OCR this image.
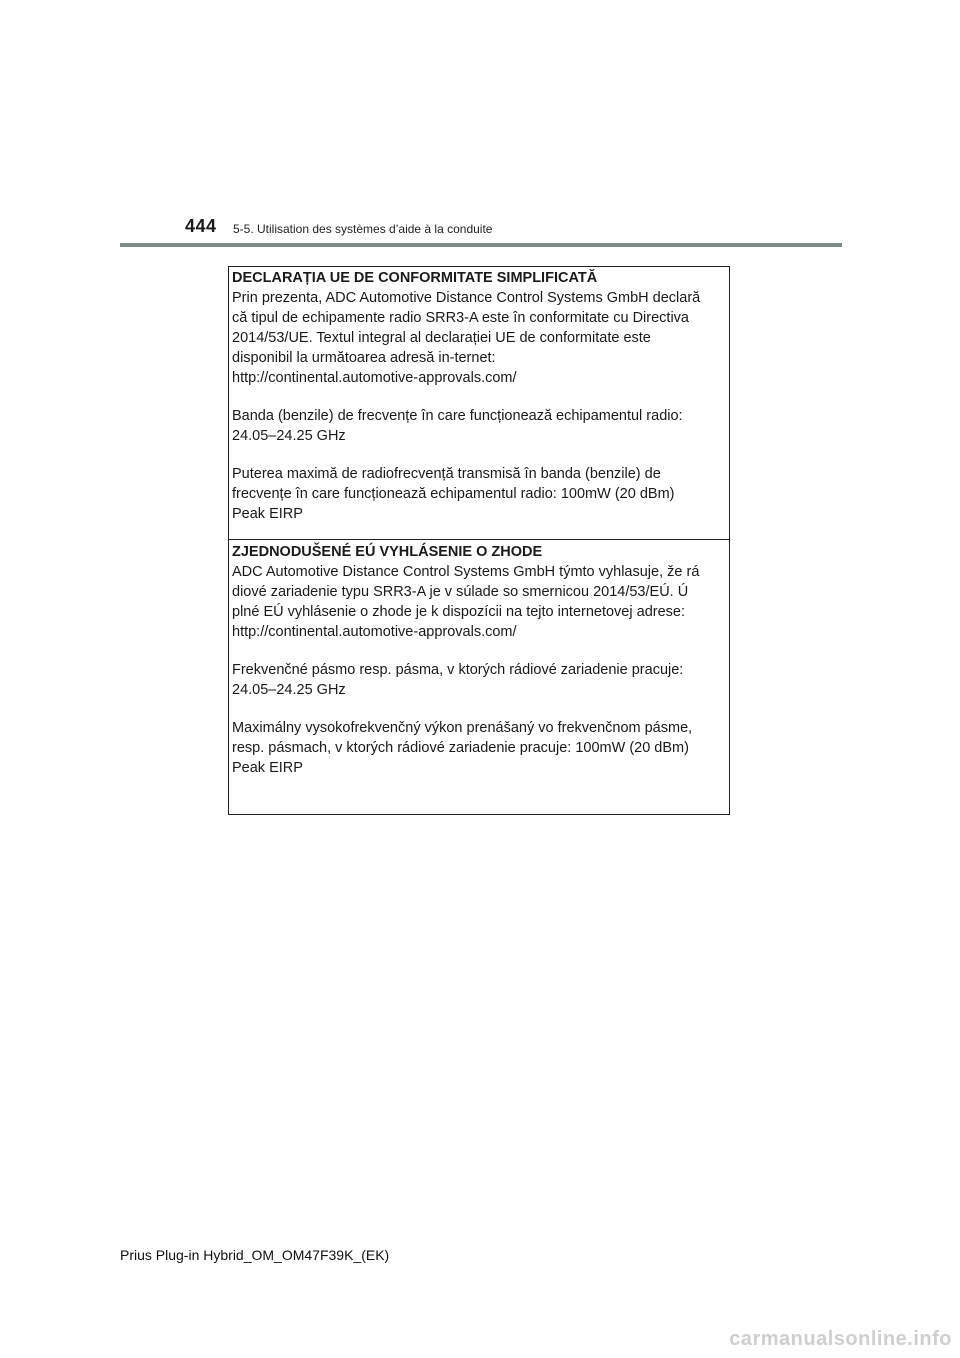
444 5-5. Utilisation des systèmes d’aide à la conduite
DECLARAȚIA UE DE CONFORMITATE SIMPLIFICATĂ

Prin prezenta, ADC Automotive Distance Control Systems GmbH declară
că tipul de echipamente radio SRR3-A este în conformitate cu Directiva
2014/53/UE. Textul integral al declarației UE de conformitate este
disponibil la următoarea adresă in-ternet:
http://continental.automotive-approvals.com/

Banda (benzile) de frecvențe în care funcționează echipamentul radio:
24.05–24.25 GHz

Puterea maximă de radiofrecvență transmisă în banda (benzile) de
frecvențe în care funcționează echipamentul radio: 100mW (20 dBm)
Peak EIRP

ZJEDNODUŠENÉ EÚ VYHLÁSENIE O ZHODE

ADC Automotive Distance Control Systems GmbH týmto vyhlasuje, že rá
diové zariadenie typu SRR3-A je v súlade so smernicou 2014/53/EÚ. Ú
plné EÚ vyhlásenie o zhode je k dispozícii na tejto internetovej adrese:
http://continental.automotive-approvals.com/

Frekvenčné pásmo resp. pásma, v ktorých rádiové zariadenie pracuje:
24.05–24.25 GHz

Maximálny vysokofrekvenčný výkon prenášaný vo frekvenčnom pásme,
resp. pásmach, v ktorých rádiové zariadenie pracuje: 100mW (20 dBm)
Peak EIRP

Prius Plug-in Hybrid_OM_OM47F39K_(EK)
carmanualsonline.info
